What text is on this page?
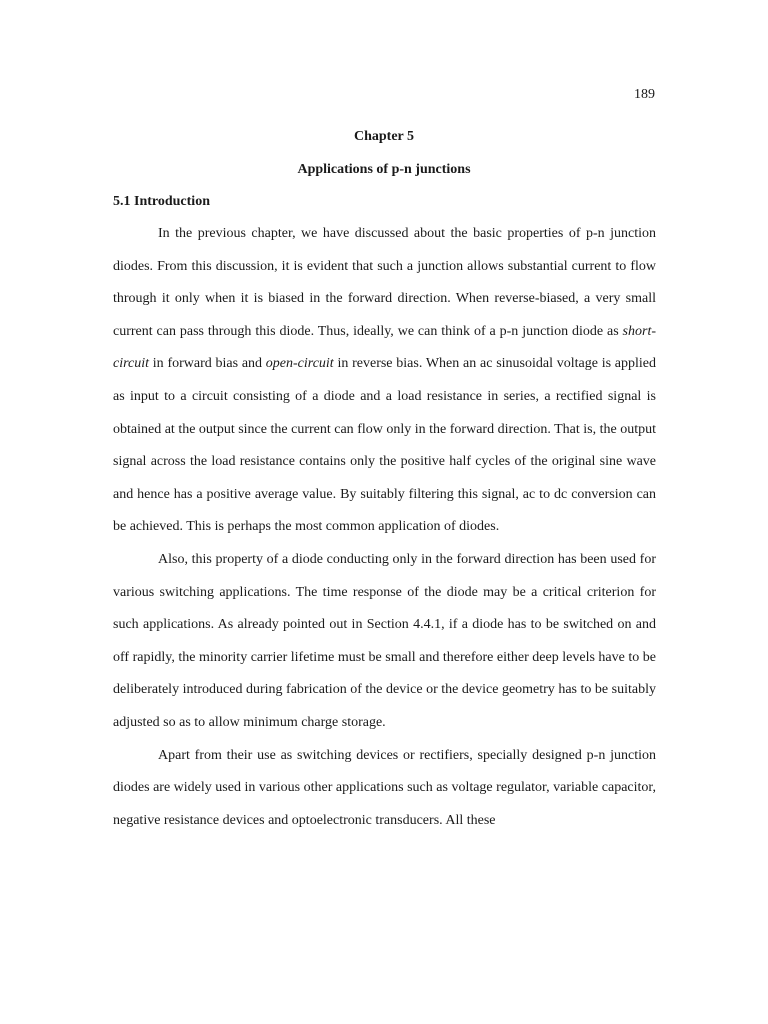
189
Chapter 5
Applications of p-n junctions
5.1 Introduction

In the previous chapter, we have discussed about the basic properties of p-n junction diodes. From this discussion, it is evident that such a junction allows substantial current to flow through it only when it is biased in the forward direction. When reverse-biased, a very small current can pass through this diode. Thus, ideally, we can think of a p-n junction diode as short-circuit in forward bias and open-circuit in reverse bias. When an ac sinusoidal voltage is applied as input to a circuit consisting of a diode and a load resistance in series, a rectified signal is obtained at the output since the current can flow only in the forward direction. That is, the output signal across the load resistance contains only the positive half cycles of the original sine wave and hence has a positive average value. By suitably filtering this signal, ac to dc conversion can be achieved. This is perhaps the most common application of diodes.

Also, this property of a diode conducting only in the forward direction has been used for various switching applications. The time response of the diode may be a critical criterion for such applications. As already pointed out in Section 4.4.1, if a diode has to be switched on and off rapidly, the minority carrier lifetime must be small and therefore either deep levels have to be deliberately introduced during fabrication of the device or the device geometry has to be suitably adjusted so as to allow minimum charge storage.

Apart from their use as switching devices or rectifiers, specially designed p-n junction diodes are widely used in various other applications such as voltage regulator, variable capacitor, negative resistance devices and optoelectronic transducers. All these
